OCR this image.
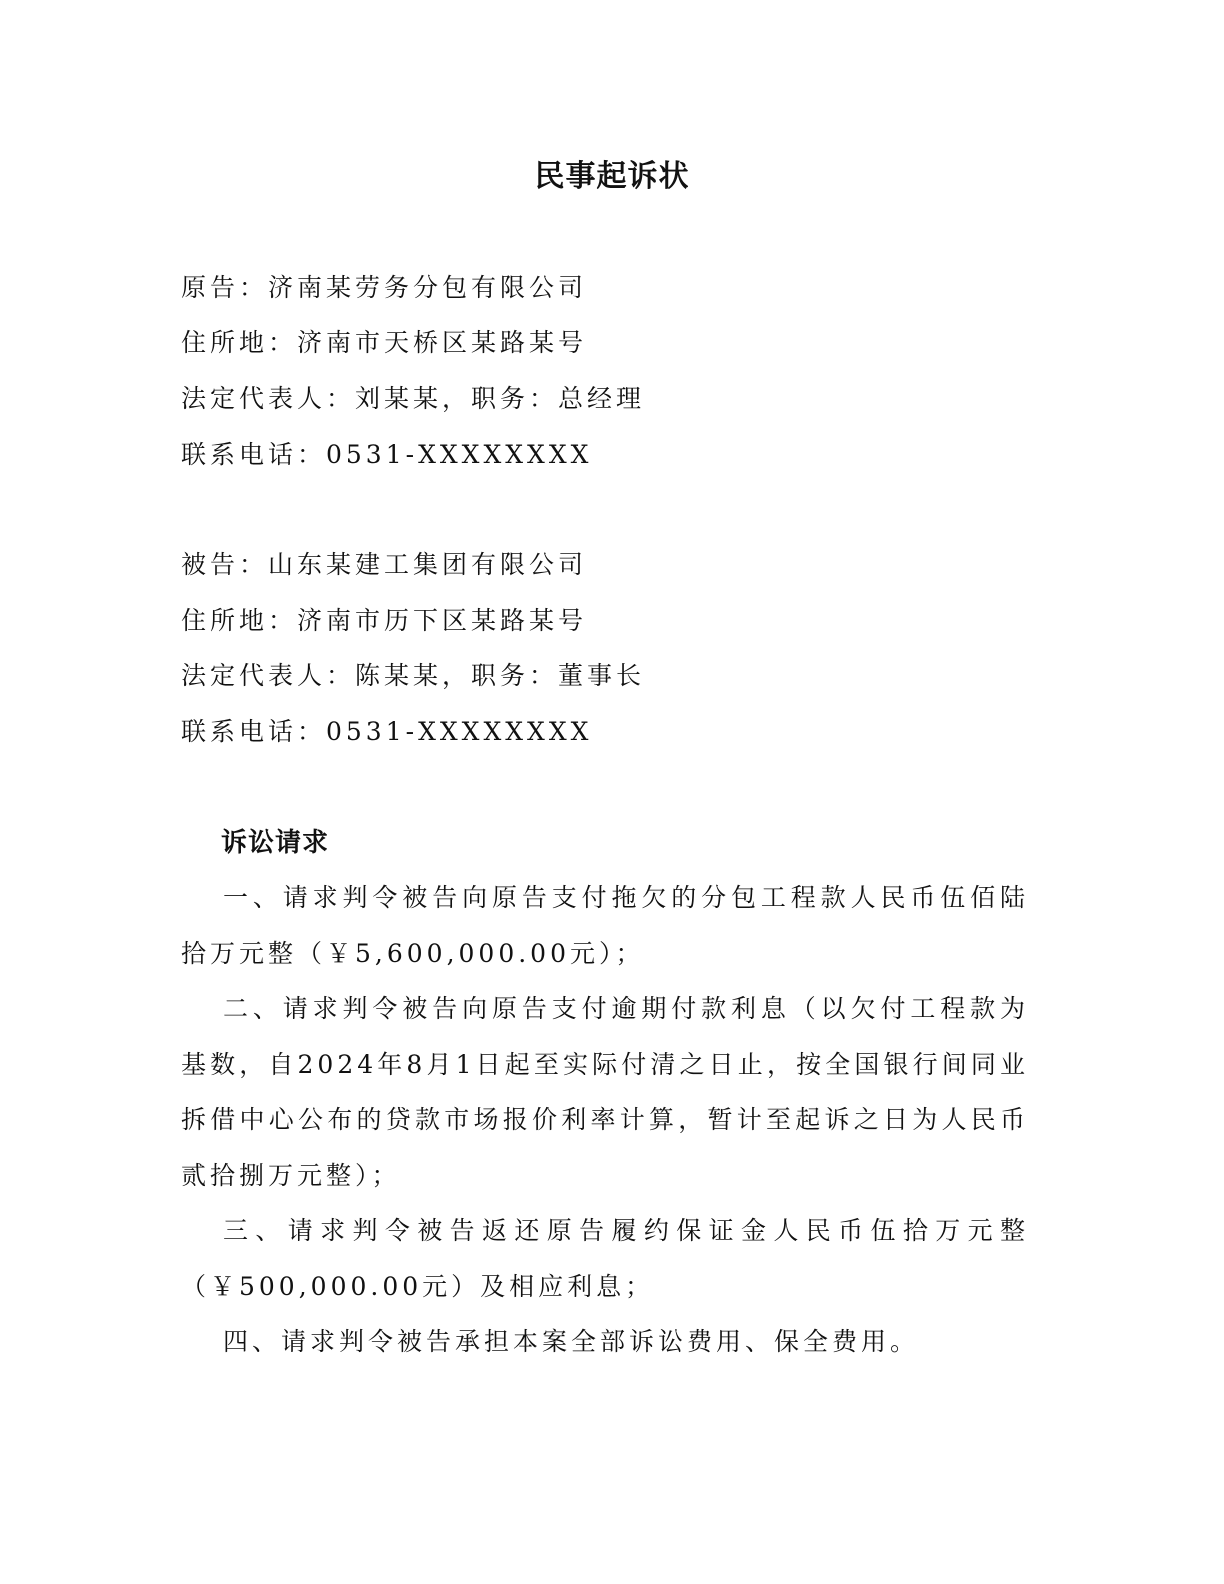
民事起诉状
原告：济南某劳务分包有限公司
住所地：济南市天桥区某路某号
法定代表人：刘某某，职务：总经理
联系电话：0531-XXXXXXXX
被告：山东某建工集团有限公司
住所地：济南市历下区某路某号
法定代表人：陈某某，职务：董事长
联系电话：0531-XXXXXXXX
诉讼请求
一、请求判令被告向原告支付拖欠的分包工程款人民币伍佰陆拾万元整（￥5,600,000.00元）；
二、请求判令被告向原告支付逾期付款利息（以欠付工程款为基数，自2024年8月1日起至实际付清之日止，按全国银行间同业拆借中心公布的贷款市场报价利率计算，暂计至起诉之日为人民币贰拾捌万元整）；
三、请求判令被告返还原告履约保证金人民币伍拾万元整（￥500,000.00元）及相应利息；
四、请求判令被告承担本案全部诉讼费用、保全费用。
